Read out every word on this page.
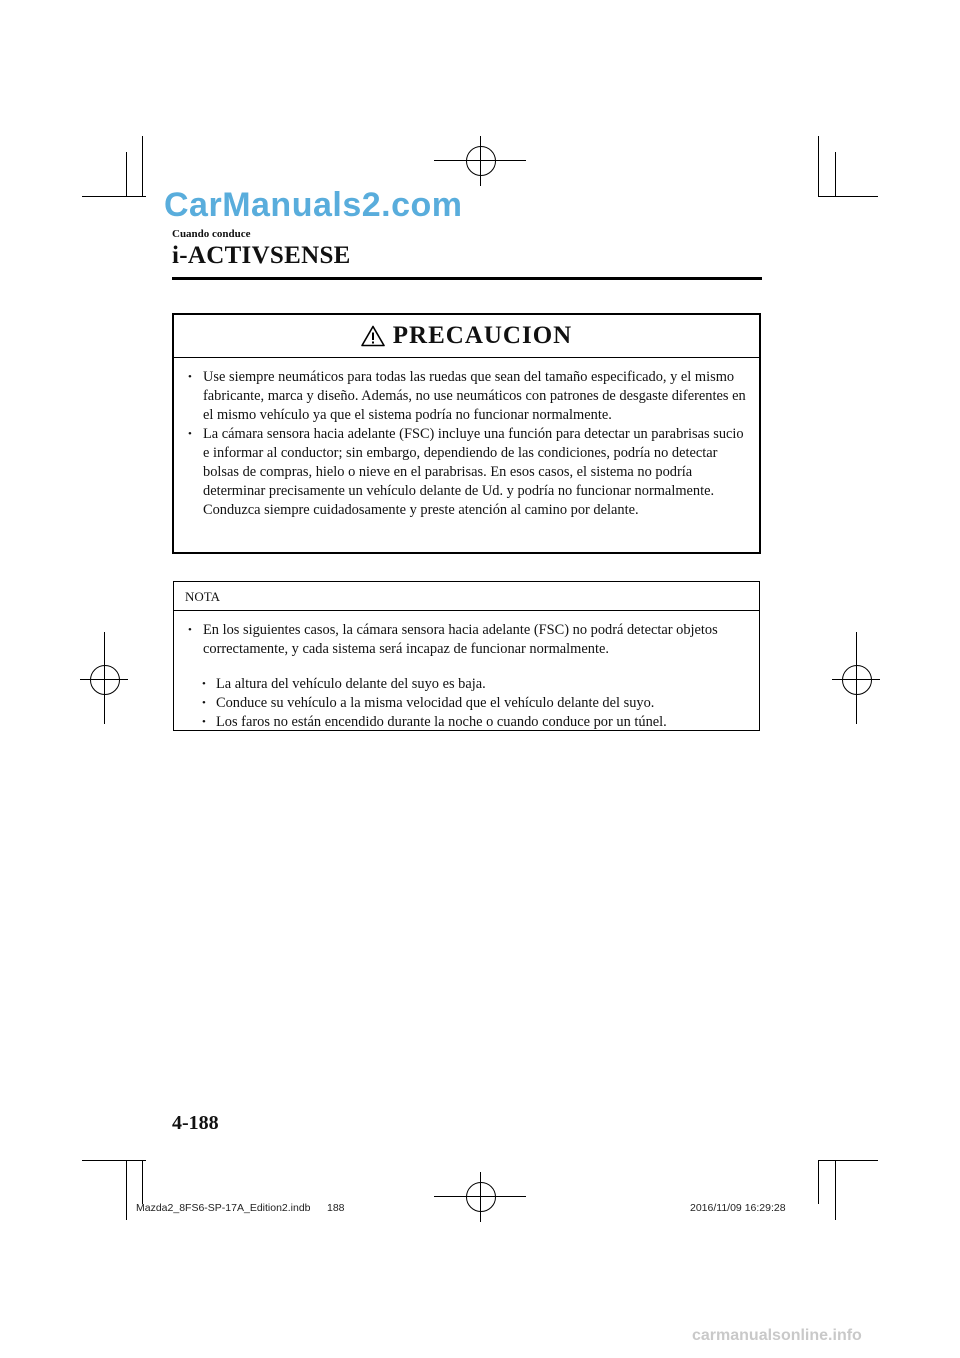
CarManuals2.com
Cuando conduce
i-ACTIVSENSE
PRECAUCION
• Use siempre neumáticos para todas las ruedas que sean del tamaño especificado, y el mismo fabricante, marca y diseño. Además, no use neumáticos con patrones de desgaste diferentes en el mismo vehículo ya que el sistema podría no funcionar normalmente.
• La cámara sensora hacia adelante (FSC) incluye una función para detectar un parabrisas sucio e informar al conductor; sin embargo, dependiendo de las condiciones, podría no detectar bolsas de compras, hielo o nieve en el parabrisas. En esos casos, el sistema no podría determinar precisamente un vehículo delante de Ud. y podría no funcionar normalmente. Conduzca siempre cuidadosamente y preste atención al camino por delante.
NOTA
• En los siguientes casos, la cámara sensora hacia adelante (FSC) no podrá detectar objetos correctamente, y cada sistema será incapaz de funcionar normalmente.
• La altura del vehículo delante del suyo es baja.
• Conduce su vehículo a la misma velocidad que el vehículo delante del suyo.
• Los faros no están encendido durante la noche o cuando conduce por un túnel.
4-188
Mazda2_8FS6-SP-17A_Edition2.indb 188	2016/11/09 16:29:28
carmanualsonline.info
